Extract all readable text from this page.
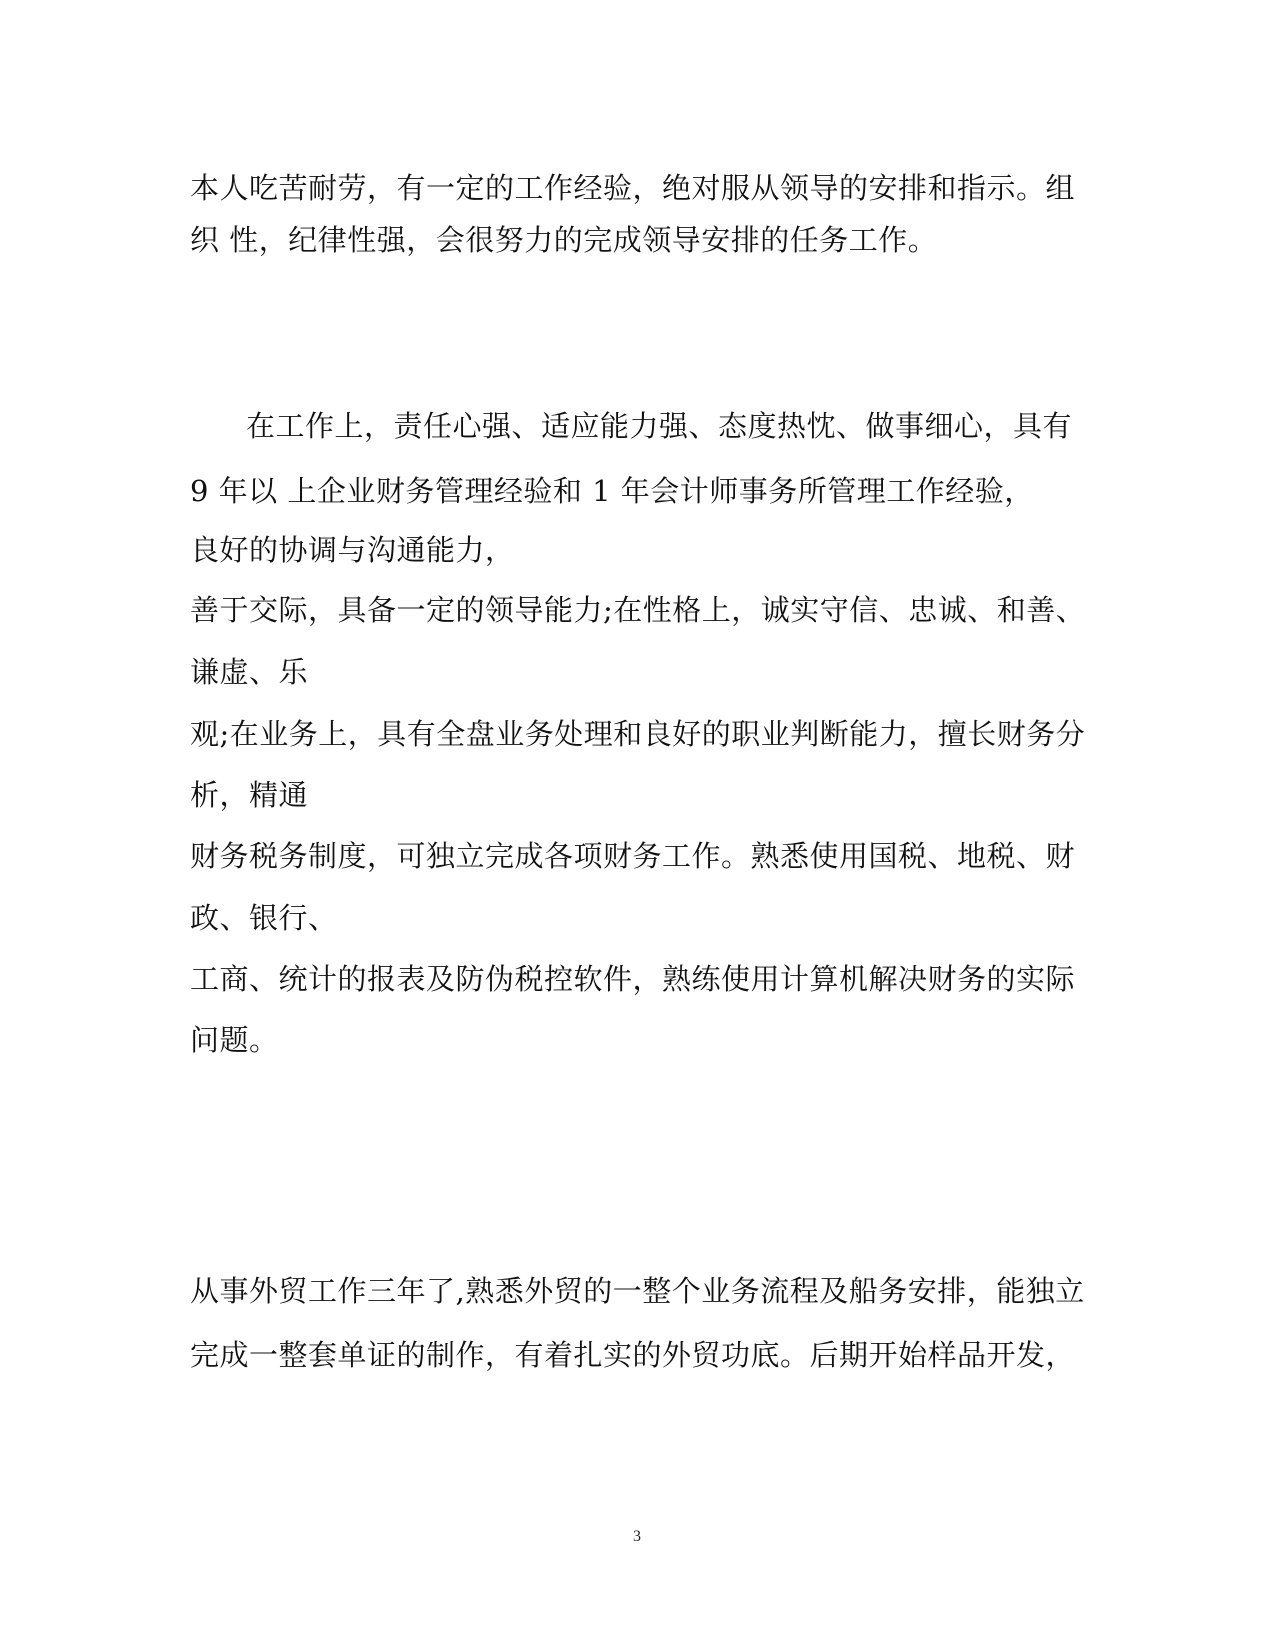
本人吃苦耐劳，有一定的工作经验，绝对服从领导的安排和指示。组
织 性，纪律性强，会很努力的完成领导安排的任务工作。
在工作上，责任心强、适应能力强、态度热忱、做事细心，具有
9 年以 上企业财务管理经验和 1 年会计师事务所管理工作经验，
良好的协调与沟通能力，
善于交际，具备一定的领导能力;在性格上，诚实守信、忠诚、和善、
谦虚、乐
观;在业务上，具有全盘业务处理和良好的职业判断能力，擅长财务分
析，精通
财务税务制度，可独立完成各项财务工作。熟悉使用国税、地税、财
政、银行、
工商、统计的报表及防伪税控软件，熟练使用计算机解决财务的实际
问题。
从事外贸工作三年了,熟悉外贸的一整个业务流程及船务安排，能独立
完成一整套单证的制作，有着扎实的外贸功底。后期开始样品开发，
3
